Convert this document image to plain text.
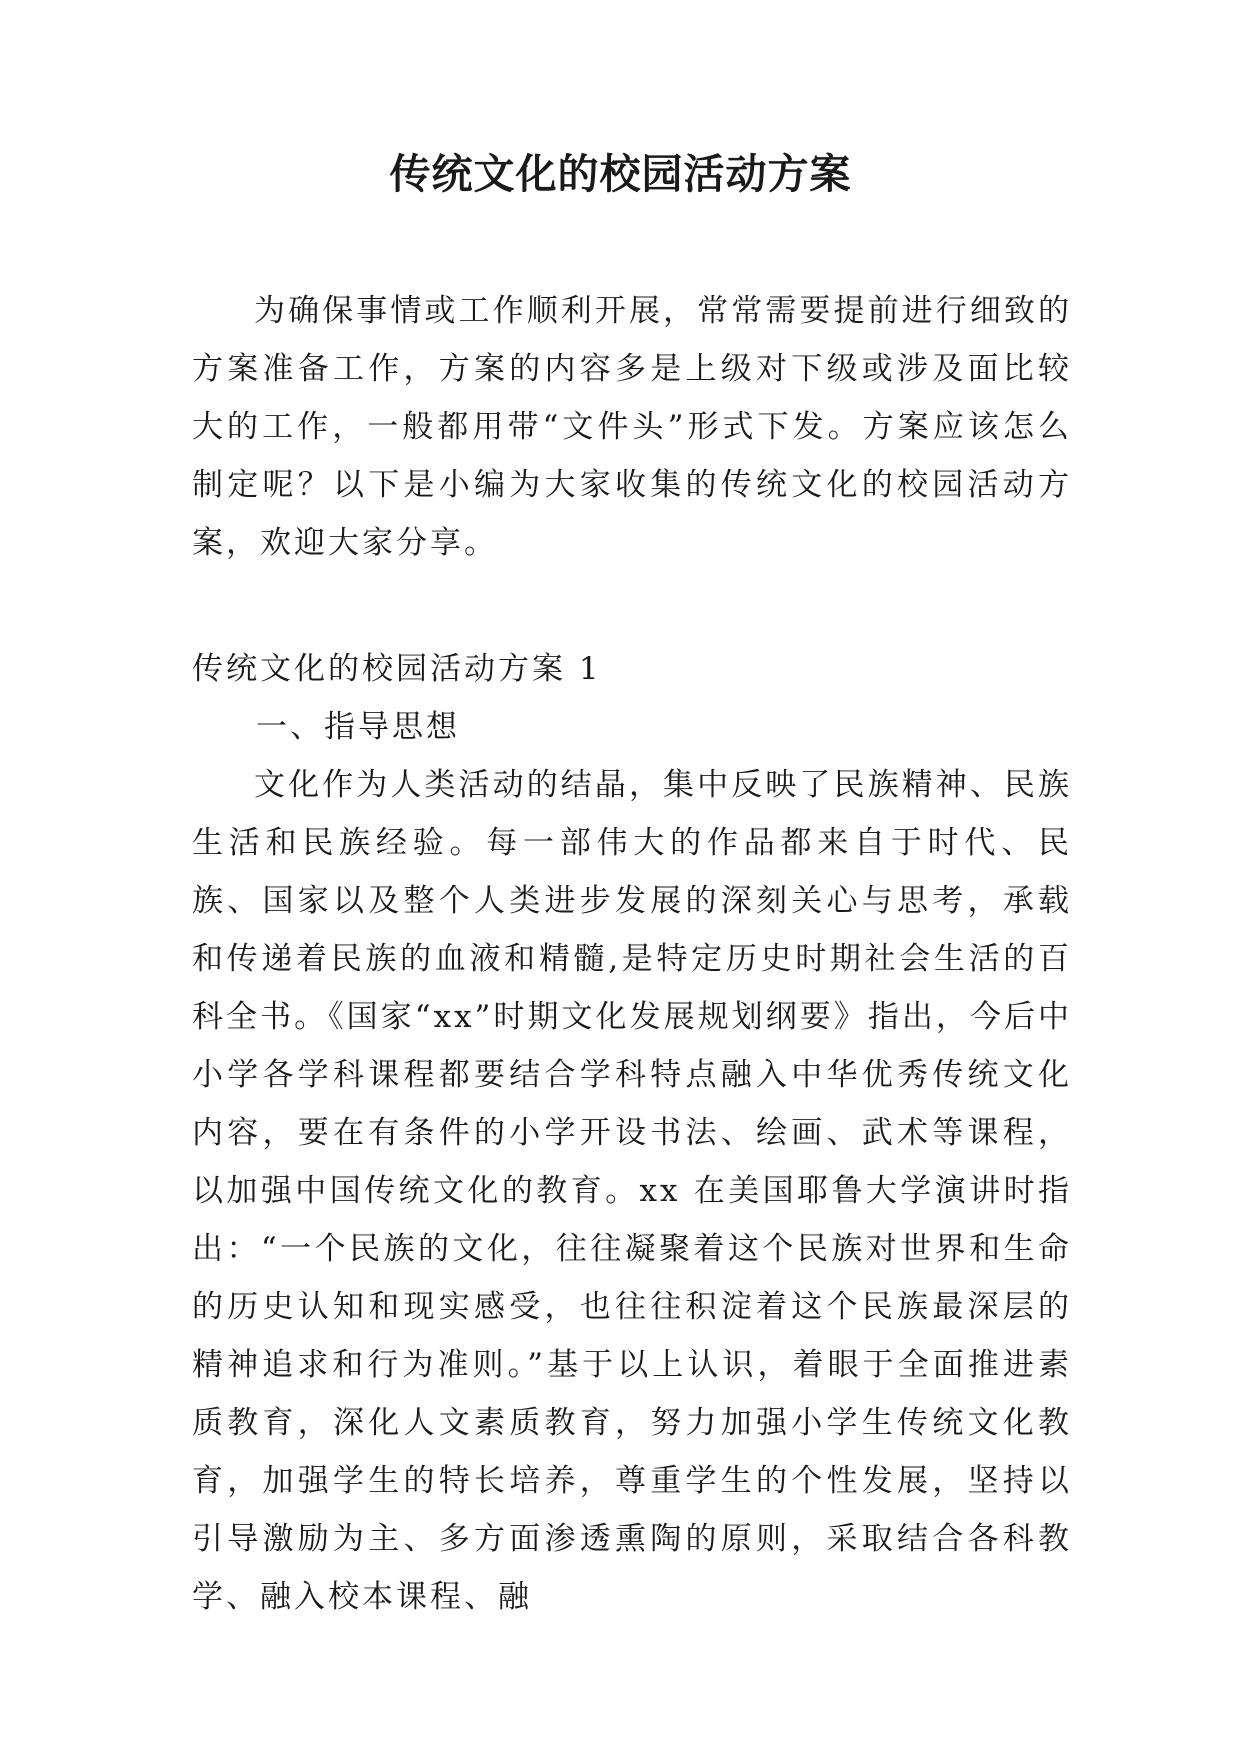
传统文化的校园活动方案

为确保事情或工作顺利开展，常常需要提前进行细致的方案准备工作，方案的内容多是上级对下级或涉及面比较大的工作，一般都用带“文件头”形式下发。方案应该怎么制定呢？以下是小编为大家收集的传统文化的校园活动方案，欢迎大家分享。

传统文化的校园活动方案 1
一、指导思想

文化作为人类活动的结晶，集中反映了民族精神、民族生活和民族经验。每一部伟大的作品都来自于时代、民族、国家以及整个人类进步发展的深刻关心与思考，承载和传递着民族的血液和精髓,是特定历史时期社会生活的百科全书。《国家“xx”时期文化发展规划纲要》指出，今后中小学各学科课程都要结合学科特点融入中华优秀传统文化内容，要在有条件的小学开设书法、绘画、武术等课程，以加强中国传统文化的教育。xx 在美国耶鲁大学演讲时指出：“一个民族的文化，往往凝聚着这个民族对世界和生命的历史认知和现实感受，也往往积淀着这个民族最深层的精神追求和行为准则。”基于以上认识，着眼于全面推进素质教育，深化人文素质教育，努力加强小学生传统文化教育，加强学生的特长培养，尊重学生的个性发展，坚持以引导激励为主、多方面渗透熏陶的原则，采取结合各科教学、融入校本课程、融
